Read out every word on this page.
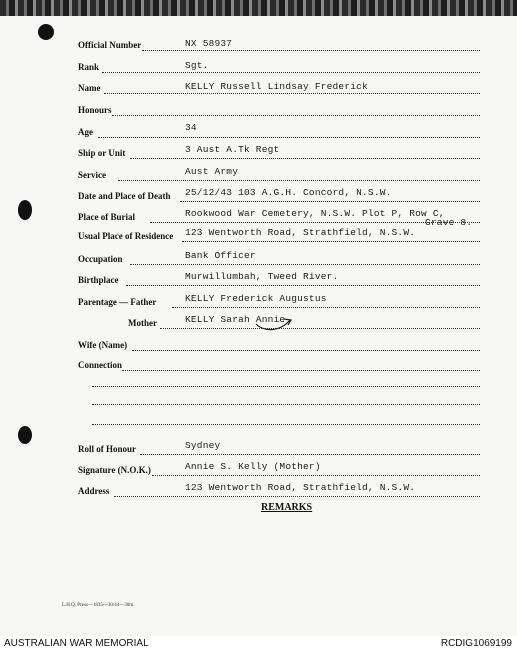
Official Number	NX 58937
Rank	Sgt.
Name	KELLY Russell Lindsay Frederick
Honours
Age	34
Ship or Unit	3 Aust A.Tk Regt
Service	Aust Army
Date and Place of Death 25/12/43 103 A.G.H. Concord, N.S.W.
Place of Burial	Rookwood War Cemetery, N.S.W. Plot P, Row C,
Grave 8.
Usual Place of Residence 123 Wentworth Road, Strathfield, N.S.W.
Occupation	Bank Officer
Birthplace	Murwillumbah, Tweed River.
Parentage — Father	KELLY Frederick Augustus
Mother	KELLY Sarah Annie
Wife (Name)
Connection
Roll of Honour	Sydney
Signature (N.O.K.)	Annie S. Kelly (Mother)
Address	123 Wentworth Road, Strathfield, N.S.W.
REMARKS
L.H.Q. Press—1835—10/44—30m.
AUSTRALIAN WAR MEMORIAL	RCDIG1069199
